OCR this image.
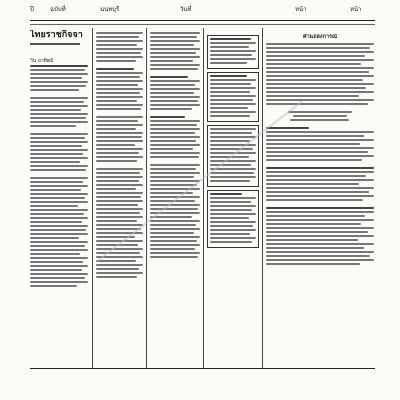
ปี	ฉบับที่	นนทบุรี	วันที่	หน้า	หน้า
ไทยราชกิจจา
วัน อาทิตย์
คำแถลงการณ์
